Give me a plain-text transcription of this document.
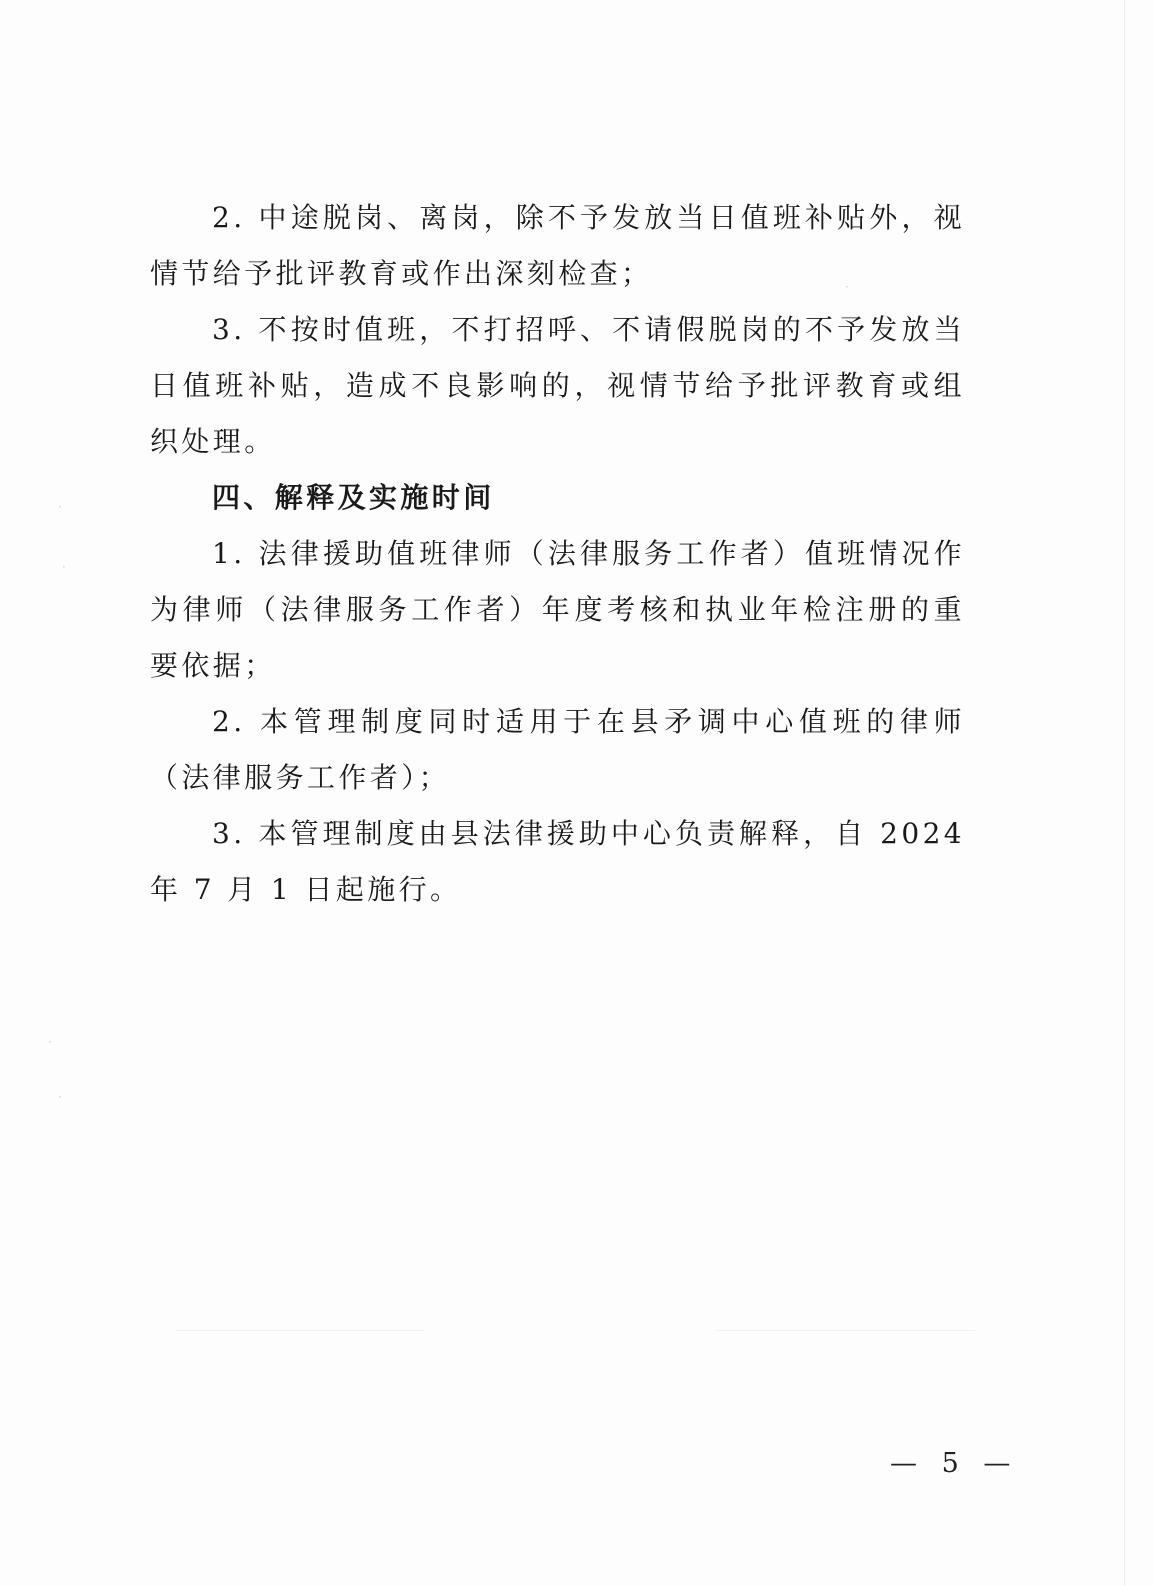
·
·
·
·
·

2. 中途脱岗、离岗，除不予发放当日值班补贴外，视情节给予批评教育或作出深刻检查；

3. 不按时值班，不打招呼、不请假脱岗的不予发放当日值班补贴，造成不良影响的，视情节给予批评教育或组织处理。

四、解释及实施时间

1. 法律援助值班律师（法律服务工作者）值班情况作为律师（法律服务工作者）年度考核和执业年检注册的重要依据；

2. 本管理制度同时适用于在县矛调中心值班的律师（法律服务工作者）；

3. 本管理制度由县法律援助中心负责解释，自 2024 年 7 月 1 日起施行。

— 5 —
